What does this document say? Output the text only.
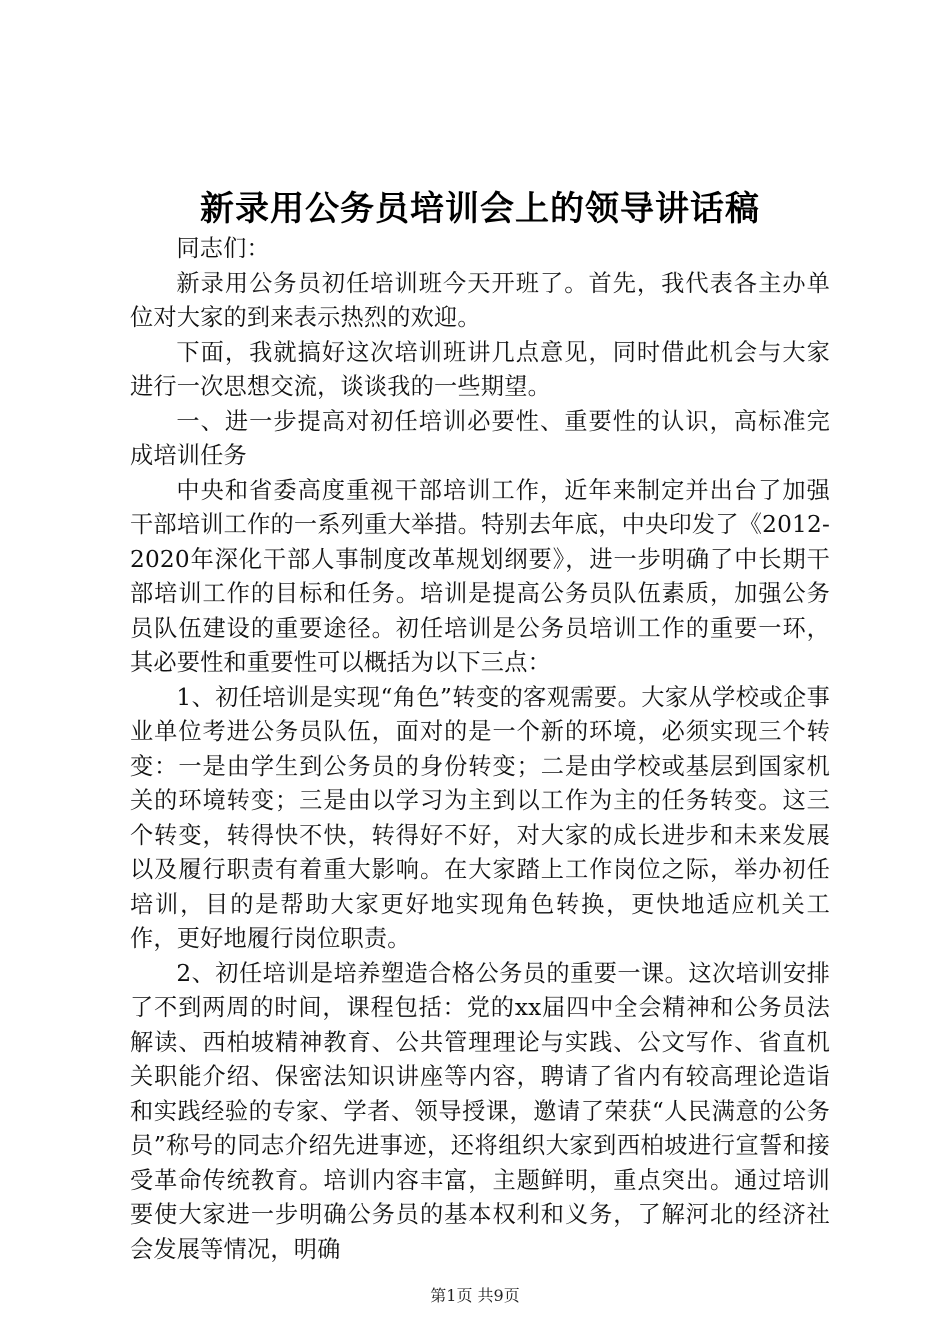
新录用公务员培训会上的领导讲话稿

同志们：

新录用公务员初任培训班今天开班了。首先，我代表各主办单位对大家的到来表示热烈的欢迎。

下面，我就搞好这次培训班讲几点意见，同时借此机会与大家进行一次思想交流，谈谈我的一些期望。

一、进一步提高对初任培训必要性、重要性的认识，高标准完成培训任务

中央和省委高度重视干部培训工作，近年来制定并出台了加强干部培训工作的一系列重大举措。特别去年底，中央印发了《2012-2020年深化干部人事制度改革规划纲要》，进一步明确了中长期干部培训工作的目标和任务。培训是提高公务员队伍素质，加强公务员队伍建设的重要途径。初任培训是公务员培训工作的重要一环，其必要性和重要性可以概括为以下三点：

1、初任培训是实现“角色”转变的客观需要。大家从学校或企事业单位考进公务员队伍，面对的是一个新的环境，必须实现三个转变：一是由学生到公务员的身份转变；二是由学校或基层到国家机关的环境转变；三是由以学习为主到以工作为主的任务转变。这三个转变，转得快不快，转得好不好，对大家的成长进步和未来发展以及履行职责有着重大影响。在大家踏上工作岗位之际，举办初任培训，目的是帮助大家更好地实现角色转换，更快地适应机关工作，更好地履行岗位职责。

2、初任培训是培养塑造合格公务员的重要一课。这次培训安排了不到两周的时间，课程包括：党的xx届四中全会精神和公务员法解读、西柏坡精神教育、公共管理理论与实践、公文写作、省直机关职能介绍、保密法知识讲座等内容，聘请了省内有较高理论造诣和实践经验的专家、学者、领导授课，邀请了荣获“人民满意的公务员”称号的同志介绍先进事迹，还将组织大家到西柏坡进行宣誓和接受革命传统教育。培训内容丰富，主题鲜明，重点突出。通过培训要使大家进一步明确公务员的基本权利和义务，了解河北的经济社会发展等情况，明确

第1页 共9页
